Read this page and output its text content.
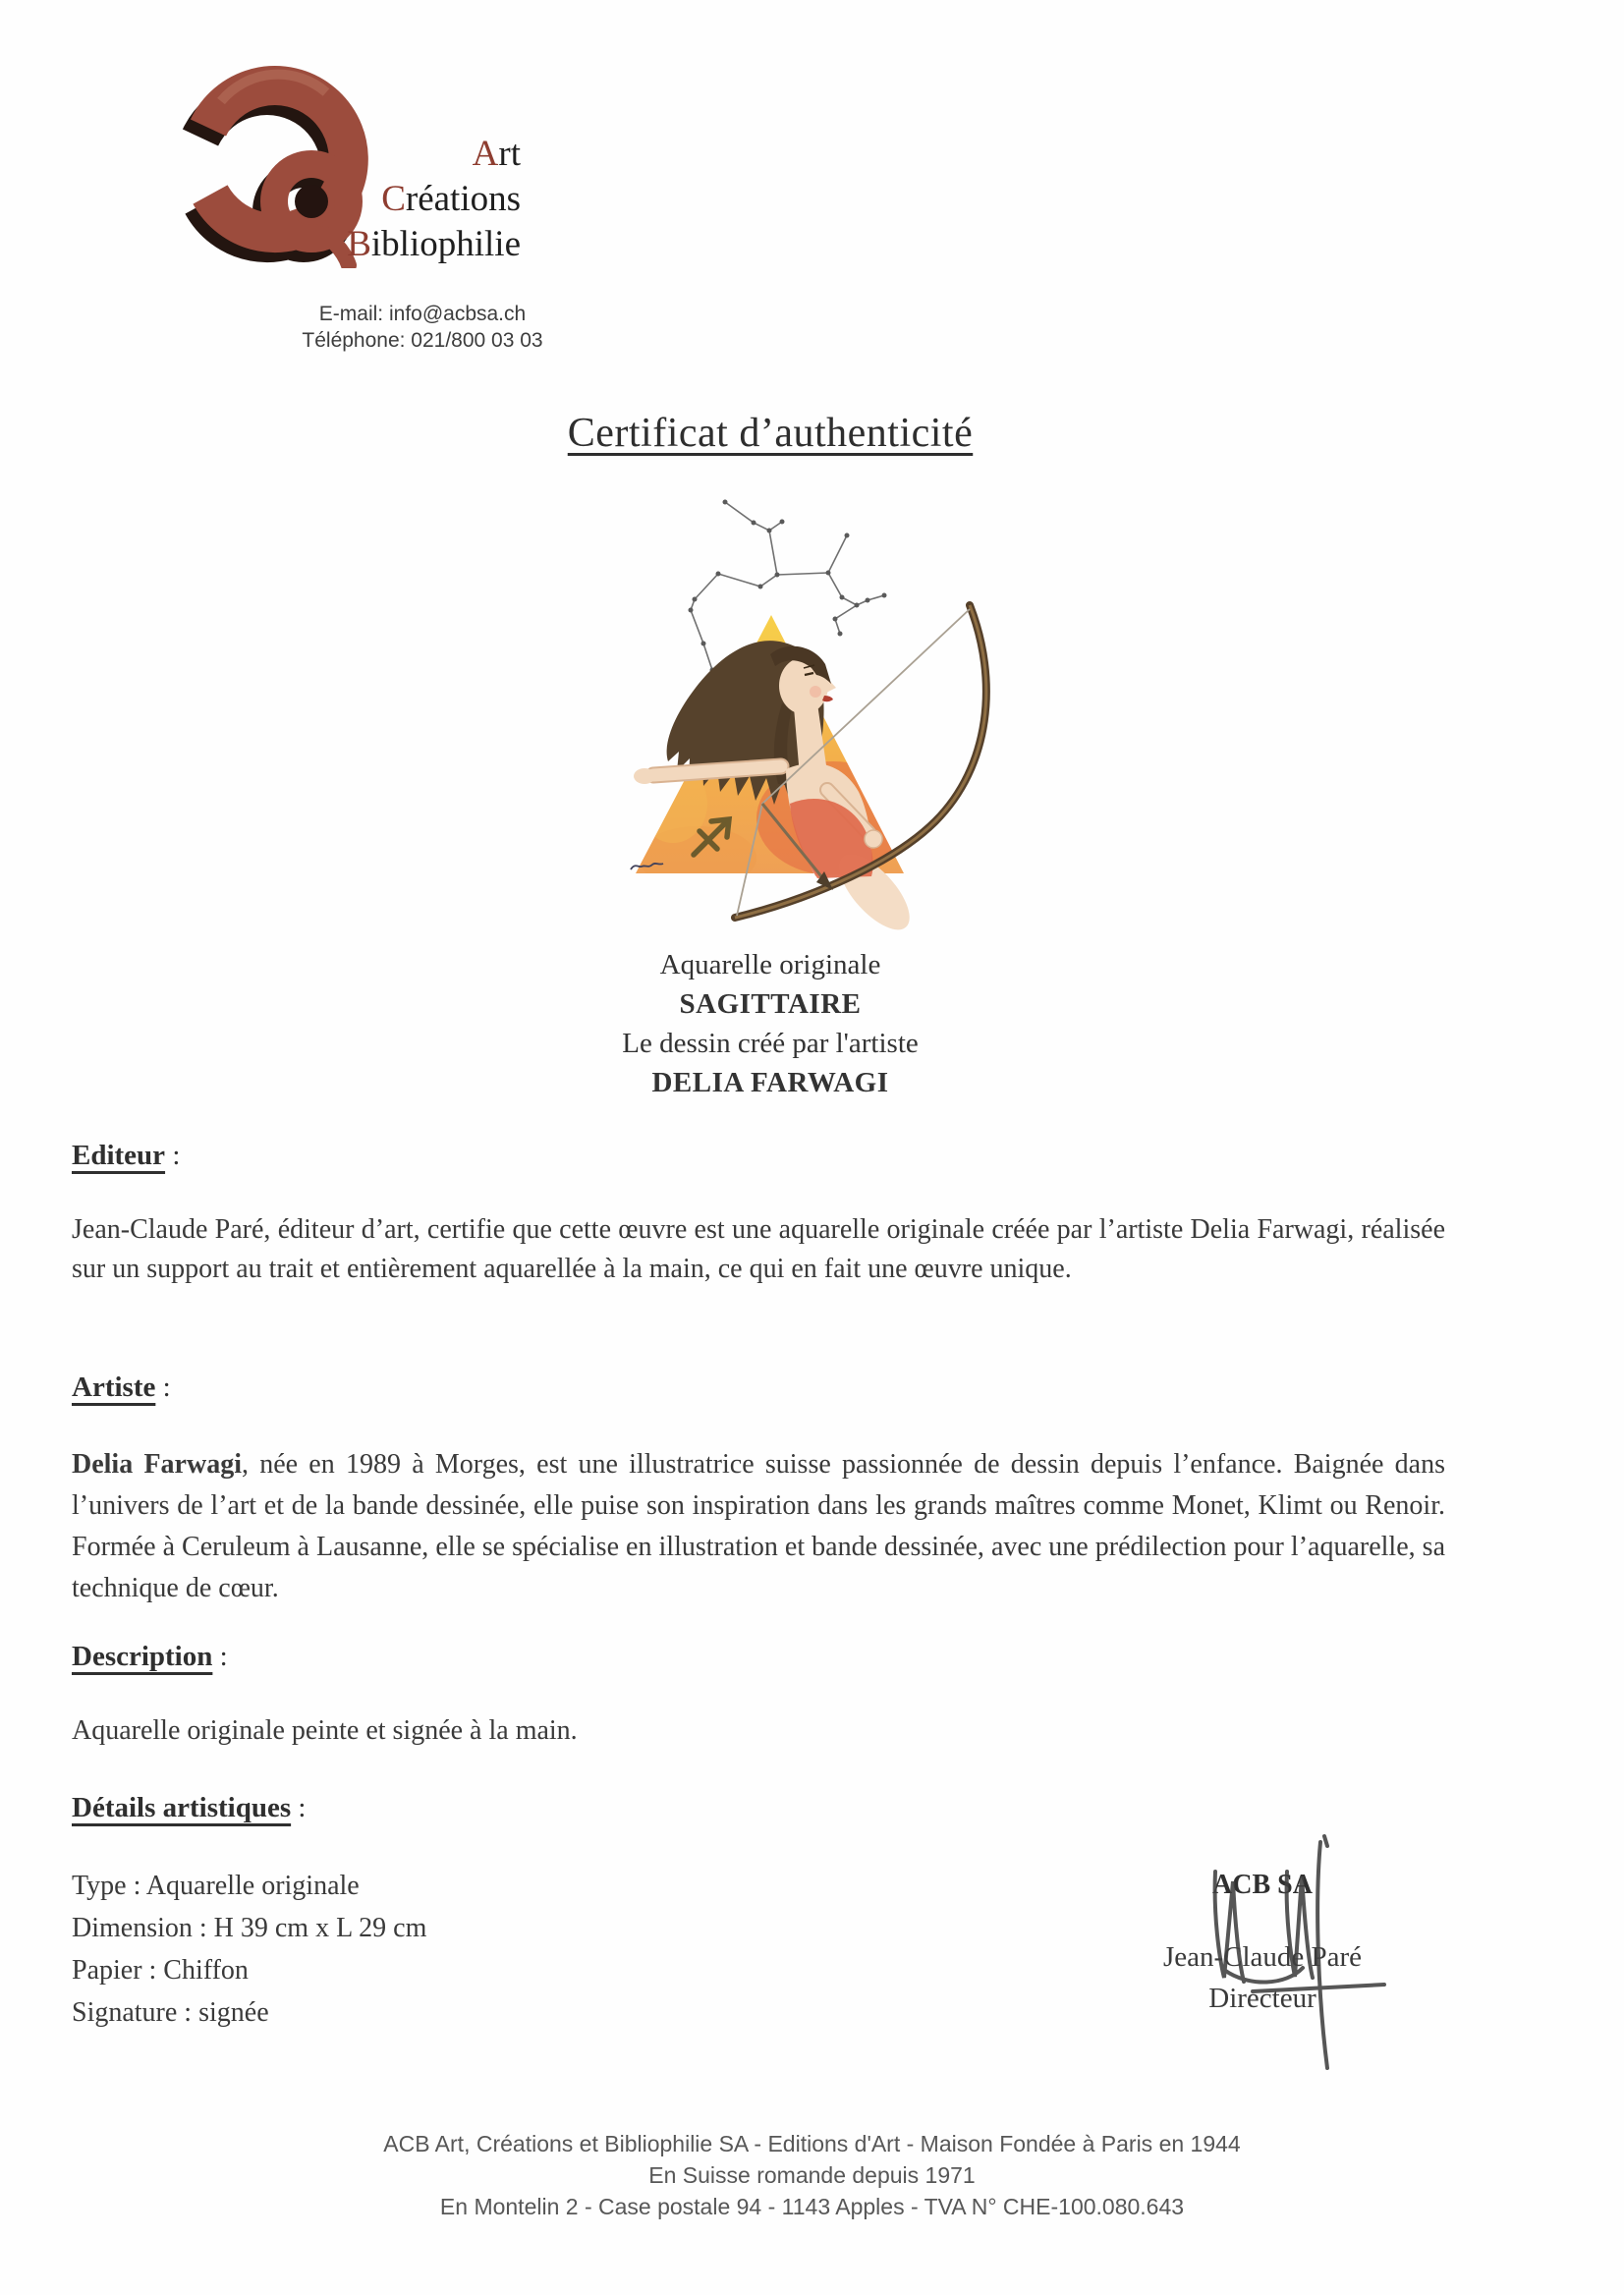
Art
Créations
Bibliophilie
E-mail: info@acbsa.ch
Téléphone: 021/800 03 03
Certificat d’authenticité
Aquarelle originale
SAGITTAIRE
Le dessin créé par l'artiste
DELIA FARWAGI
Editeur :

Jean-Claude Paré, éditeur d’art, certifie que cette œuvre est une aquarelle originale créée par l’artiste Delia Farwagi, réalisée sur un support au trait et entièrement aquarellée à la main, ce qui en fait une œuvre unique.

Artiste :

Delia Farwagi, née en 1989 à Morges, est une illustratrice suisse passionnée de dessin depuis l’enfance. Baignée dans l’univers de l’art et de la bande dessinée, elle puise son inspiration dans les grands maîtres comme Monet, Klimt ou Renoir. Formée à Ceruleum à Lausanne, elle se spécialise en illustration et bande dessinée, avec une prédilection pour l’aquarelle, sa technique de cœur.

Description :

Aquarelle originale peinte et signée à la main.

Détails artistiques :
Type : Aquarelle originale
Dimension : H 39 cm x L 29 cm
Papier : Chiffon
Signature : signée
ACB SA
Jean-Claude Paré
Directeur
ACB Art, Créations et Bibliophilie SA - Editions d'Art - Maison Fondée à Paris en 1944
En Suisse romande depuis 1971
En Montelin 2 - Case postale 94 - 1143 Apples - TVA N° CHE-100.080.643
